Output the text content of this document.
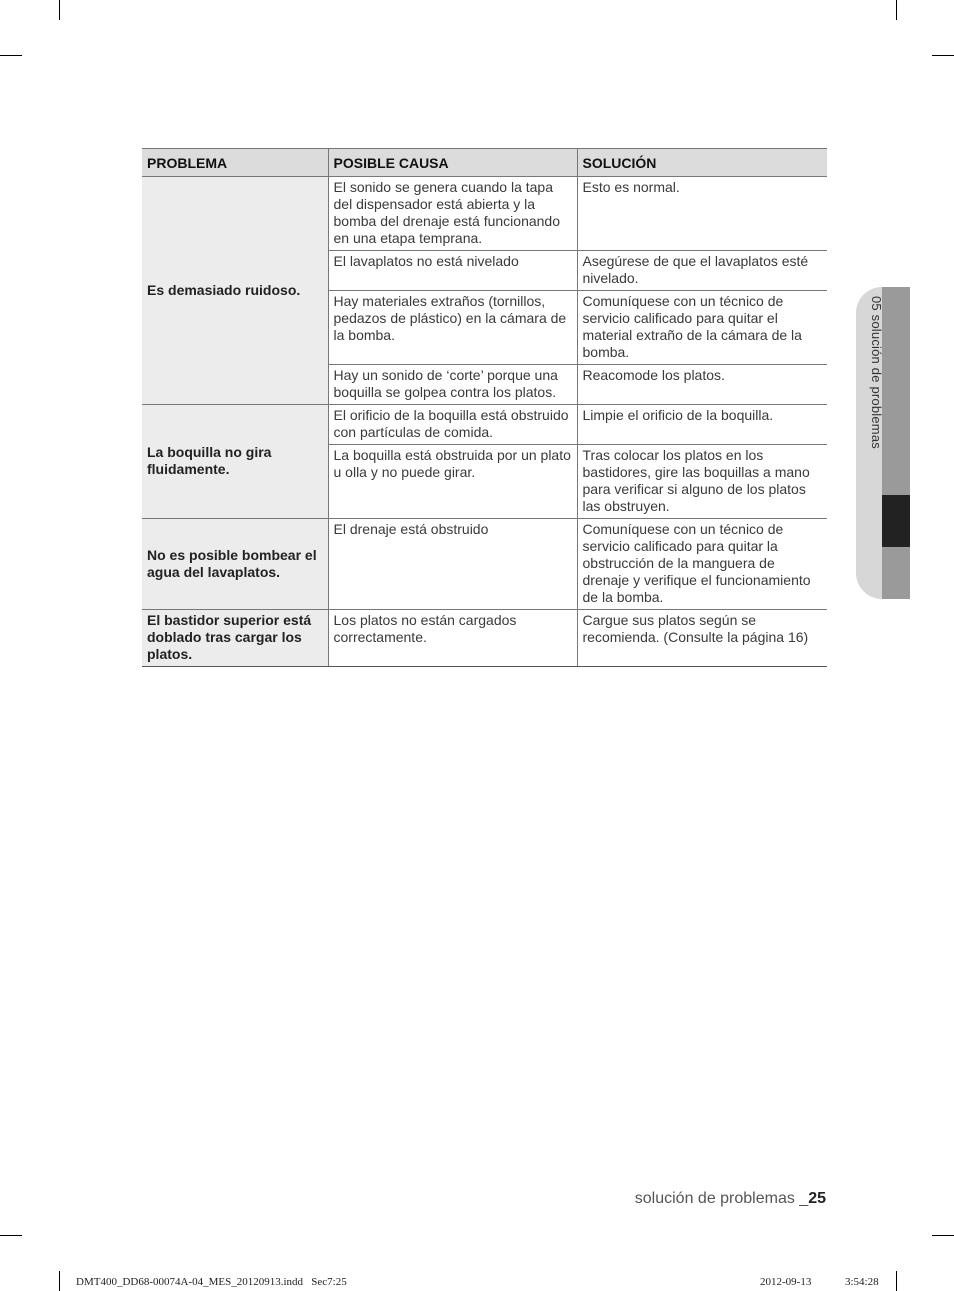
PROBLEMA	POSIBLE CAUSA	SOLUCIÓN
Es demasiado ruidoso.	El sonido se genera cuando la tapa del dispensador está abierta y la bomba del drenaje está funcionando en una etapa temprana.	Esto es normal.
	El lavaplatos no está nivelado	Asegúrese de que el lavaplatos esté nivelado.
	Hay materiales extraños (tornillos, pedazos de plástico) en la cámara de la bomba.	Comuníquese con un técnico de servicio calificado para quitar el material extraño de la cámara de la bomba.
	Hay un sonido de ‘corte’ porque una boquilla se golpea contra los platos.	Reacomode los platos.
La boquilla no gira fluidamente.	El orificio de la boquilla está obstruido con partículas de comida.	Limpie el orificio de la boquilla.
	La boquilla está obstruida por un plato u olla y no puede girar.	Tras colocar los platos en los bastidores, gire las boquillas a mano para verificar si alguno de los platos las obstruyen.
No es posible bombear el agua del lavaplatos.	El drenaje está obstruido	Comuníquese con un técnico de servicio calificado para quitar la obstrucción de la manguera de drenaje y verifique el funcionamiento de la bomba.
El bastidor superior está doblado tras cargar los platos.	Los platos no están cargados correctamente.	Cargue sus platos según se recomienda. (Consulte la página 16)
05 solución de problemas
solución de problemas _25
DMT400_DD68-00074A-04_MES_20120913.indd   Sec7:25	2012-09-13	3:54:28
